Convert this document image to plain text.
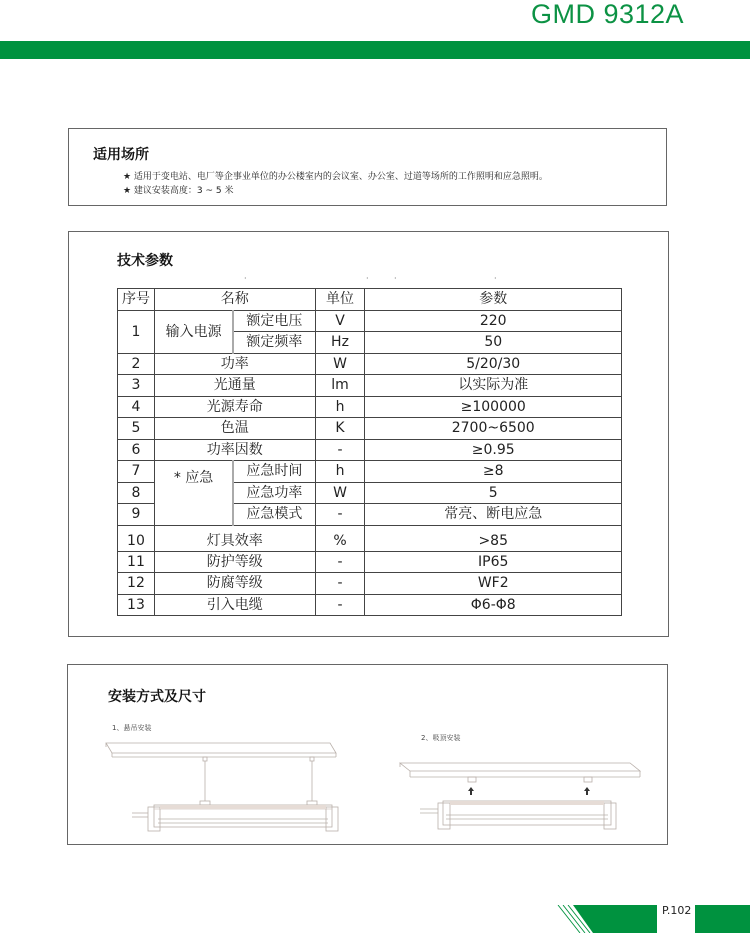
GMD 9312A
适用场所
★ 适用于变电站、电厂等企事业单位的办公楼室内的会议室、办公室、过道等场所的工作照明和应急照明。
★ 建议安装高度：3 ~ 5 米
技术参数
·	·	·	·
序号	名称		单位	参数
1	输入电源	额定电压	V	220
		额定频率	Hz	50
2	功率		W	5/20/30
3	光通量		lm	以实际为准
4	光源寿命		h	≥100000
5	色温		K	2700~6500
6	功率因数		-	≥0.95
7	* 应急	应急时间	h	≥8
8		应急功率	W	5
9		应急模式	-	常亮、断电应急
10	灯具效率		%	>85
11	防护等级		-	IP65
12	防腐等级		-	WF2
13	引入电缆		-	Φ6-Φ8
安装方式及尺寸
1、悬吊安装
2、吸顶安装
P.102
